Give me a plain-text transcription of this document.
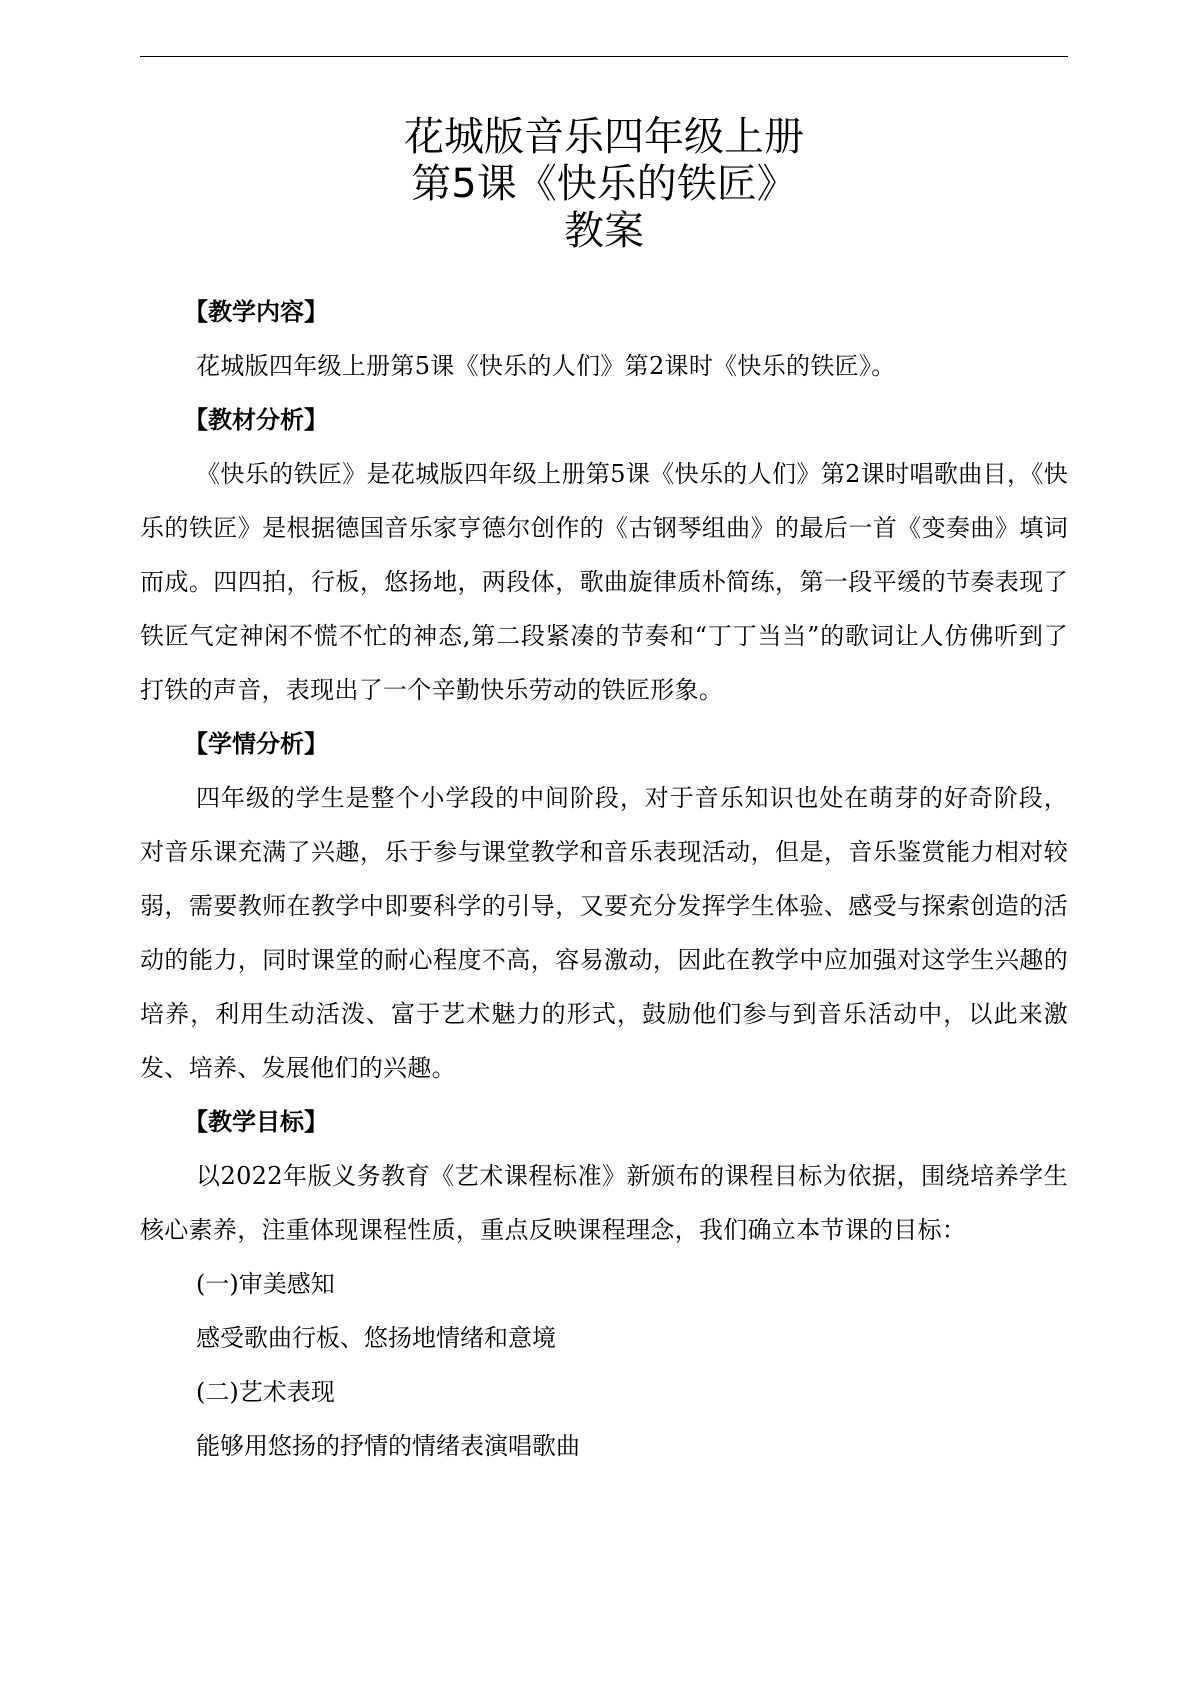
花城版音乐四年级上册
第5课《快乐的铁匠》
教案
【教学内容】
花城版四年级上册第5课《快乐的人们》第2课时《快乐的铁匠》。
【教材分析】
《快乐的铁匠》是花城版四年级上册第5课《快乐的人们》第2课时唱歌曲目，《快乐的铁匠》是根据德国音乐家亨德尔创作的《古钢琴组曲》的最后一首《变奏曲》填词而成。四四拍，行板，悠扬地，两段体，歌曲旋律质朴简练，第一段平缓的节奏表现了铁匠气定神闲不慌不忙的神态,第二段紧凑的节奏和“丁丁当当”的歌词让人仿佛听到了打铁的声音，表现出了一个辛勤快乐劳动的铁匠形象。
【学情分析】
四年级的学生是整个小学段的中间阶段，对于音乐知识也处在萌芽的好奇阶段，对音乐课充满了兴趣，乐于参与课堂教学和音乐表现活动，但是，音乐鉴赏能力相对较弱，需要教师在教学中即要科学的引导，又要充分发挥学生体验、感受与探索创造的活动的能力，同时课堂的耐心程度不高，容易激动，因此在教学中应加强对这学生兴趣的培养，利用生动活泼、富于艺术魅力的形式，鼓励他们参与到音乐活动中，以此来激发、培养、发展他们的兴趣。
【教学目标】
以2022年版义务教育《艺术课程标准》新颁布的课程目标为依据，围绕培养学生核心素养，注重体现课程性质，重点反映课程理念，我们确立本节课的目标：
(一)审美感知
感受歌曲行板、悠扬地情绪和意境
(二)艺术表现
能够用悠扬的抒情的情绪表演唱歌曲
